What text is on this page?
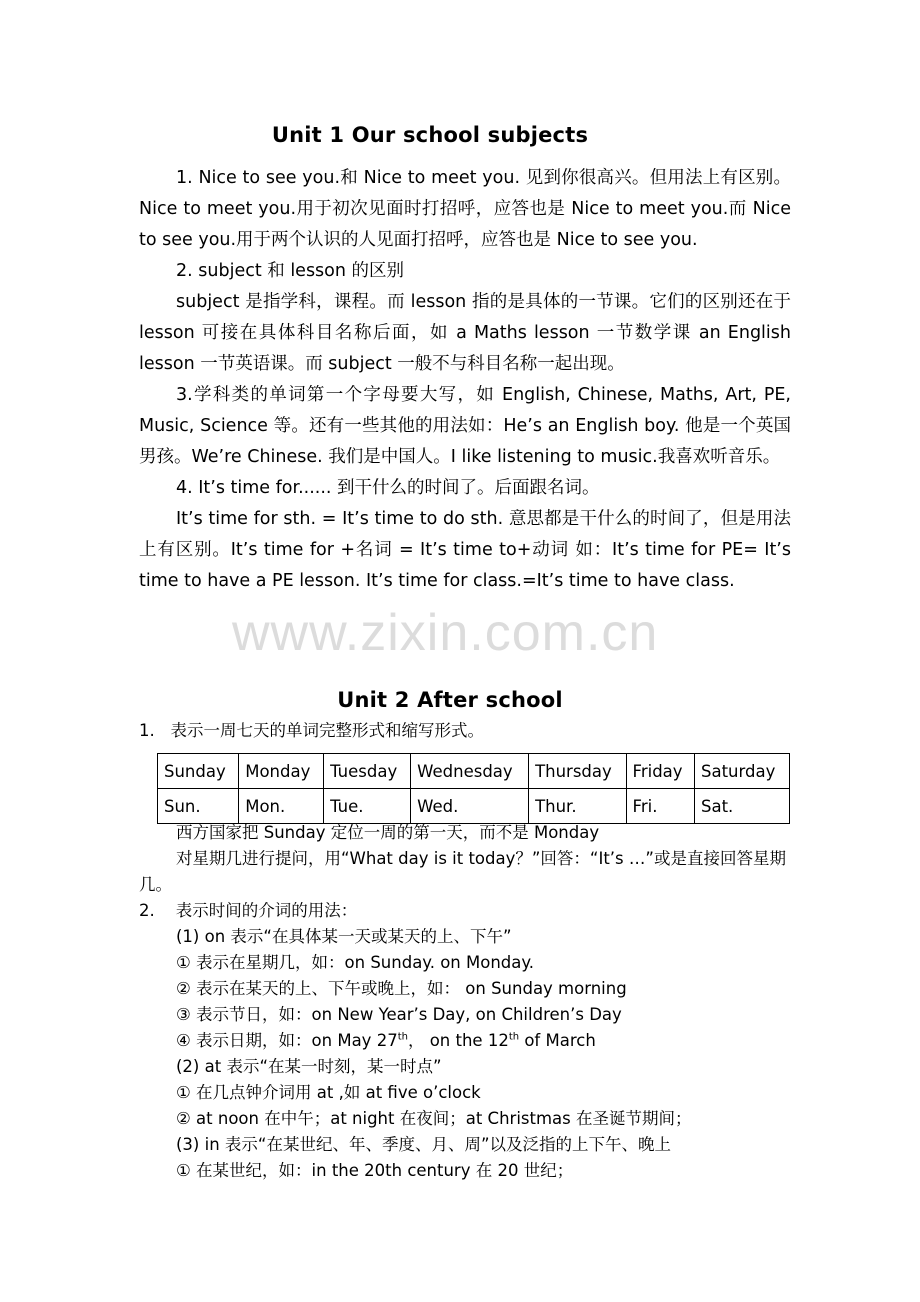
Unit 1 Our school subjects

1. Nice to see you.和 Nice to meet you. 见到你很高兴。但用法上有区别。Nice to meet you.用于初次见面时打招呼，应答也是 Nice to meet you.而 Nice to see you.用于两个认识的人见面打招呼，应答也是 Nice to see you.

2. subject 和 lesson 的区别

subject 是指学科，课程。而 lesson 指的是具体的一节课。它们的区别还在于 lesson 可接在具体科目名称后面，如 a Maths lesson 一节数学课 an English lesson 一节英语课。而 subject 一般不与科目名称一起出现。

3.学科类的单词第一个字母要大写，如 English, Chinese, Maths, Art, PE, Music, Science 等。还有一些其他的用法如：He’s an English boy. 他是一个英国男孩。We’re Chinese. 我们是中国人。I like listening to music.我喜欢听音乐。

4. It’s time for...... 到干什么的时间了。后面跟名词。

It’s time for sth. = It’s time to do sth. 意思都是干什么的时间了，但是用法上有区别。It’s time for +名词 = It’s time to+动词 如：It’s time for PE= It’s time to have a PE lesson. It’s time for class.=It’s time to have class.

www.zixin.com.cn
Unit 2 After school

1.   表示一周七天的单词完整形式和缩写形式。

Sunday	Monday	Tuesday	Wednesday	Thursday	Friday	Saturday
Sun.	Mon.	Tue.	Wed.	Thur.	Fri.	Sat.

西方国家把 Sunday 定位一周的第一天，而不是 Monday

对星期几进行提问，用“What day is it today？”回答：“It’s …”或是直接回答星期几。

2.    表示时间的介词的用法：

(1) on 表示“在具体某一天或某天的上、下午”

① 表示在星期几，如：on Sunday. on Monday.

② 表示在某天的上、下午或晚上，如： on Sunday morning

③ 表示节日，如：on New Year’s Day, on Children’s Day

④ 表示日期，如：on May 27th， on the 12th of March

(2) at 表示“在某一时刻，某一时点”

① 在几点钟介词用 at ,如 at five o’clock

② at noon 在中午；at night 在夜间；at Christmas 在圣诞节期间；

(3) in 表示“在某世纪、年、季度、月、周”以及泛指的上下午、晚上

① 在某世纪，如：in the 20th century 在 20 世纪；
